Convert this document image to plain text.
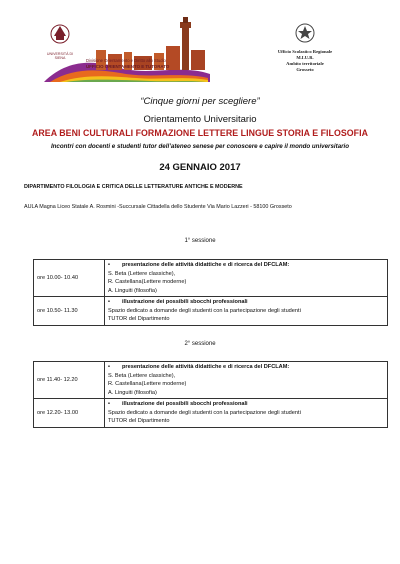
UNIVERSITÀ DI SIENA	Divisione Orientamento e Diritto allo Studio
UFFICIO ORIENTAMENTO E TUTORATO
Ufficio Scolastico Regionale
M.I.U.R.
Ambito territoriale
Grosseto
“Cinque giorni per scegliere”
Orientamento Universitario
AREA BENI CULTURALI FORMAZIONE LETTERE LINGUE STORIA E FILOSOFIA
Incontri con docenti e studenti tutor dell’ateneo senese per conoscere e capire il mondo universitario
24 GENNAIO 2017
DIPARTIMENTO FILOLOGIA E CRITICA DELLE LETTERATURE ANTICHE E MODERNE
AULA Magna Liceo Statale A. Rosmini -Succursale Cittadella dello Studente Via Mario Lazzeri - 58100 Grosseto
1° sessione
ore 10.00- 10.40	• presentazione delle attività didattiche e di ricerca del DFCLAM:
S. Beta (Lettere classiche),
R. Castellana(Lettere moderne)
A. Linguiti (filosofia)

ore 10.50- 11.30	• illustrazione dei possibili sbocchi professionali
Spazio dedicato a domande degli studenti con la partecipazione degli studenti
TUTOR del Dipartimento
2° sessione
ore 11.40- 12.20	• presentazione delle attività didattiche e di ricerca del DFCLAM:
S. Beta (Lettere classiche),
R. Castellana(Lettere moderne)
A. Linguiti (filosofia)

ore 12.20- 13.00	• illustrazione dei possibili sbocchi professionali
Spazio dedicato a domande degli studenti con la partecipazione degli studenti
TUTOR del Dipartimento
